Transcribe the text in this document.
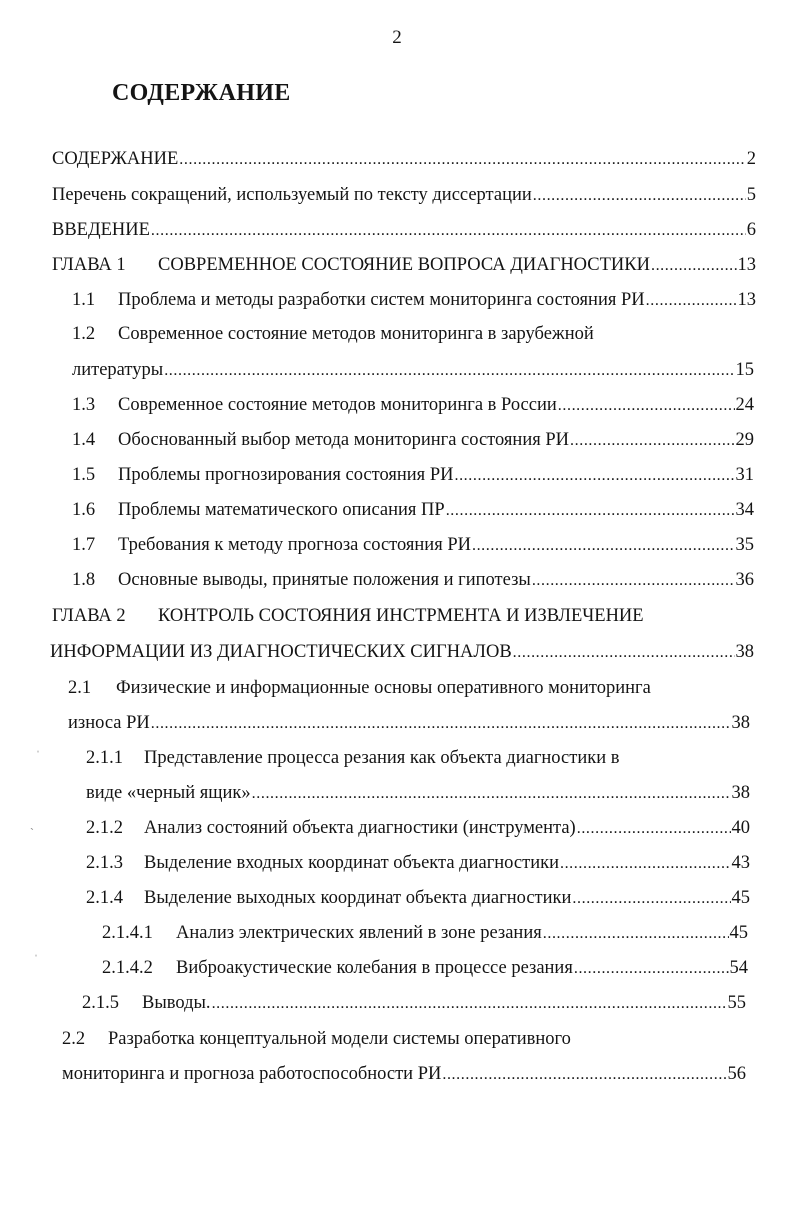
2
СОДЕРЖАНИЕ
СОДЕРЖАНИЕ .....	2
Перечень сокращений, используемый по тексту диссертации .....	5
ВВЕДЕНИЕ .....	6
ГЛАВА 1 СОВРЕМЕННОЕ СОСТОЯНИЕ ВОПРОСА ДИАГНОСТИКИ .....	13
1.1 Проблема и методы разработки систем мониторинга состояния РИ .....	13
1.2 Современное состояние методов мониторинга в зарубежной
литературы .....	15
1.3 Современное состояние методов мониторинга в России .....	24
1.4 Обоснованный выбор метода мониторинга состояния РИ .....	29
1.5 Проблемы прогнозирования состояния РИ .....	31
1.6 Проблемы математического описания ПР .....	34
1.7 Требования к методу прогноза состояния РИ .....	35
1.8 Основные выводы, принятые положения и гипотезы .....	36
ГЛАВА 2 КОНТРОЛЬ СОСТОЯНИЯ ИНСТРМЕНТА И ИЗВЛЕЧЕНИЕ
ИНФОРМАЦИИ ИЗ ДИАГНОСТИЧЕСКИХ СИГНАЛОВ .....	38
2.1 Физические и информационные основы оперативного мониторинга
износа РИ .....	38
2.1.1 Представление процесса резания как объекта диагностики в
виде «черный ящик» .....	38
2.1.2 Анализ состояний объекта диагностики (инструмента) .....	40
2.1.3 Выделение входных координат объекта диагностики .....	43
2.1.4 Выделение выходных координат объекта диагностики .....	45
2.1.4.1 Анализ электрических явлений в зоне резания .....	45
2.1.4.2 Виброакустические колебания в процессе резания .....	54
2.1.5 Выводы. .....	55
2.2 Разработка концептуальной модели системы оперативного
мониторинга и прогноза работоспособности РИ .....	56
ˈ
˴
ˈ
